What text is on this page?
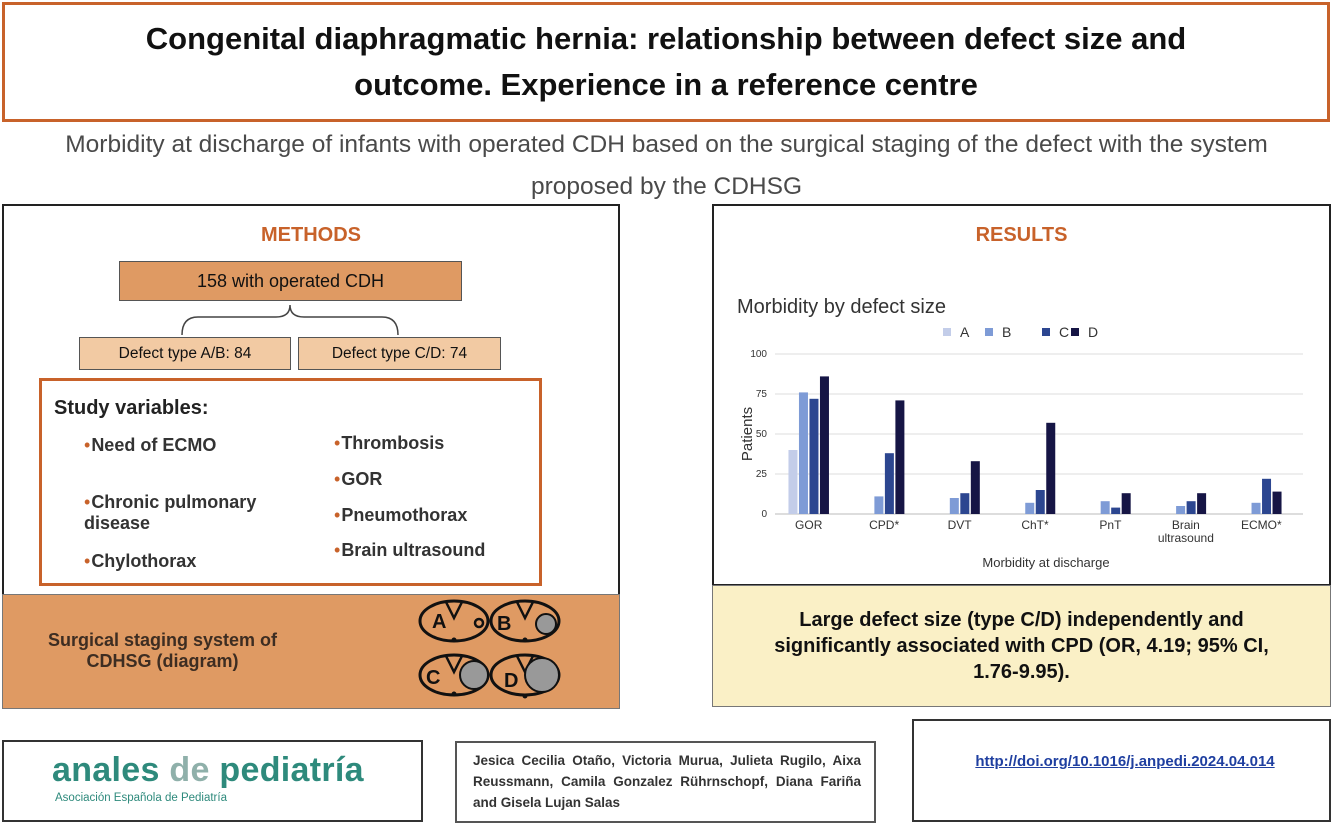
Congenital diaphragmatic hernia: relationship between defect size and outcome. Experience in a reference centre
Morbidity at discharge of infants with operated CDH based on the surgical staging of the defect with the system proposed by the CDHSG
METHODS
158 with operated CDH
Defect type A/B: 84	Defect type C/D: 74
Study variables:
•Need of ECMO
•Chronic pulmonary disease
•Chylothorax
•Thrombosis
•GOR
•Pneumothorax
•Brain ultrasound
Surgical staging system of CDHSG (diagram)
A	B
C	D
RESULTS
Morbidity by defect size
0
25
50
75
100
Patients
Morbidity at discharge
A B	C D
GOR	CPD*	DVT	ChT*	PnT	Brain
ultrasound
ECMO*
Large defect size (type C/D) independently and significantly associated with CPD (OR, 4.19; 95% CI, 1.76-9.95).
anales de pediatría
Asociación Española de Pediatría
Jesica Cecilia Otaño, Victoria Murua, Julieta Rugilo, Aixa Reussmann, Camila Gonzalez Rührnschopf, Diana Fariña and Gisela Lujan Salas
http://doi.org/10.1016/j.anpedi.2024.04.014
